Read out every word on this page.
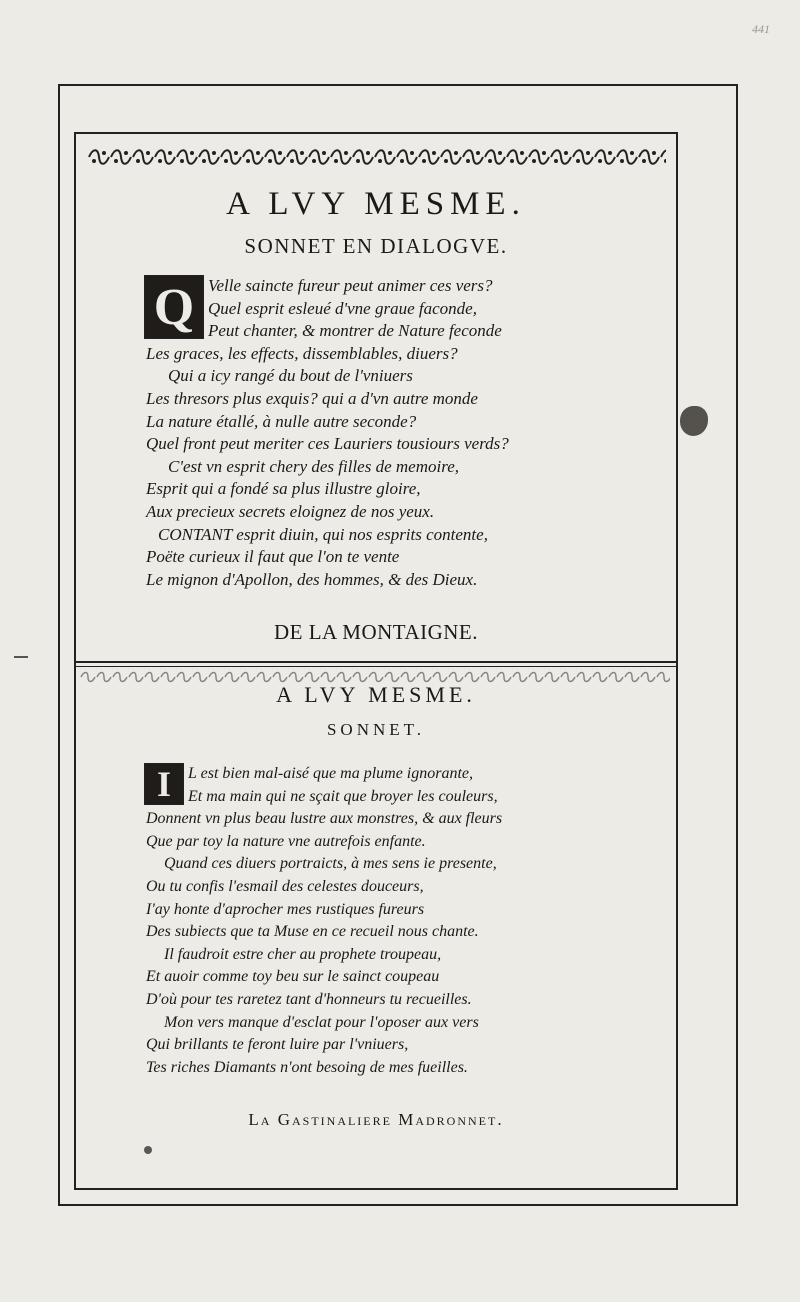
441
A LVY MESME.
SONNET EN DIALOGVE.
Q Velle saincte fureur peut animer ces vers?
Quel esprit esleué d'vne graue faconde,
Peut chanter, & montrer de Nature feconde
Les graces, les effects, dissemblables, diuers?
Qui a icy rangé du bout de l'vniuers
Les thresors plus exquis? qui a d'vn autre monde
La nature étallé, à nulle autre seconde?
Quel front peut meriter ces Lauriers tousiours verds?
C'est vn esprit chery des filles de memoire,
Esprit qui a fondé sa plus illustre gloire,
Aux precieux secrets eloignez de nos yeux.
CONTANT esprit diuin, qui nos esprits contente,
Poëte curieux il faut que l'on te vente
Le mignon d'Apollon, des hommes, & des Dieux.
DE LA MONTAIGNE.
A LVY MESME.
SONNET.
I	L est bien mal-aisé que ma plume ignorante,
Et ma main qui ne sçait que broyer les couleurs,
Donnent vn plus beau lustre aux monstres, & aux fleurs
Que par toy la nature vne autrefois enfante.
Quand ces diuers portraicts, à mes sens ie presente,
Ou tu confis l'esmail des celestes douceurs,
I'ay honte d'aprocher mes rustiques fureurs
Des subiects que ta Muse en ce recueil nous chante.
Il faudroit estre cher au prophete troupeau,
Et auoir comme toy beu sur le sainct coupeau
D'où pour tes raretez tant d'honneurs tu recueilles.
Mon vers manque d'esclat pour l'oposer aux vers
Qui brillants te feront luire par l'vniuers,
Tes riches Diamants n'ont besoing de mes fueilles.
La Gastinaliere Madronnet.
